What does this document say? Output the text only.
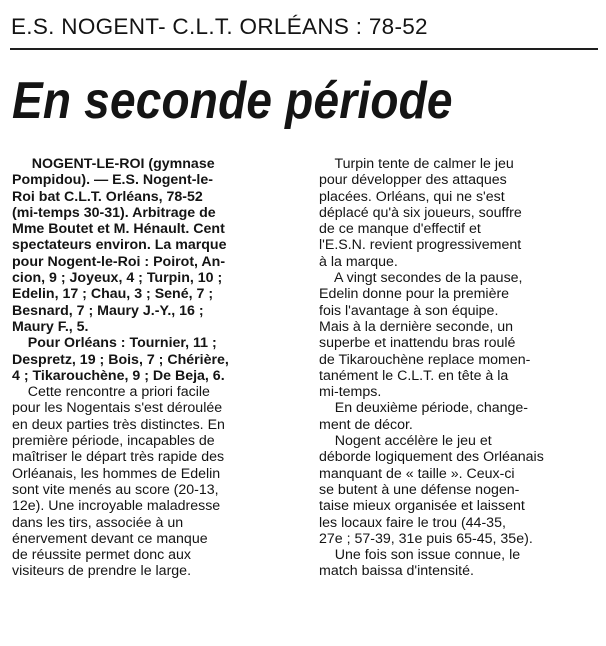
E.S. NOGENT- C.L.T. ORLÉANS : 78-52
En seconde période
NOGENT-LE-ROI (gymnase
Pompidou). — E.S. Nogent-le-
Roi bat C.L.T. Orléans, 78-52
(mi-temps 30-31). Arbitrage de
Mme Boutet et M. Hénault. Cent
spectateurs environ. La marque
pour Nogent-le-Roi : Poirot, An-
cion, 9 ; Joyeux, 4 ; Turpin, 10 ;
Edelin, 17 ; Chau, 3 ; Sené, 7 ;
Besnard, 7 ; Maury J.-Y., 16 ;
Maury F., 5.
Pour Orléans : Tournier, 11 ;
Despretz, 19 ; Bois, 7 ; Chérière,
4 ; Tikarouchène, 9 ; De Beja, 6.
Cette rencontre a priori facile
pour les Nogentais s'est déroulée
en deux parties très distinctes. En
première période, incapables de
maîtriser le départ très rapide des
Orléanais, les hommes de Edelin
sont vite menés au score (20-13,
12e). Une incroyable maladresse
dans les tirs, associée à un
énervement devant ce manque
de réussite permet donc aux
visiteurs de prendre le large.
Turpin tente de calmer le jeu
pour développer des attaques
placées. Orléans, qui ne s'est
déplacé qu'à six joueurs, souffre
de ce manque d'effectif et
l'E.S.N. revient progressivement
à la marque.
A vingt secondes de la pause,
Edelin donne pour la première
fois l'avantage à son équipe.
Mais à la dernière seconde, un
superbe et inattendu bras roulé
de Tikarouchène replace momen-
tanément le C.L.T. en tête à la
mi-temps.
En deuxième période, change-
ment de décor.
Nogent accélère le jeu et
déborde logiquement des Orléanais
manquant de « taille ». Ceux-ci
se butent à une défense nogen-
taise mieux organisée et laissent
les locaux faire le trou (44-35,
27e ; 57-39, 31e puis 65-45, 35e).
Une fois son issue connue, le
match baissa d'intensité.
